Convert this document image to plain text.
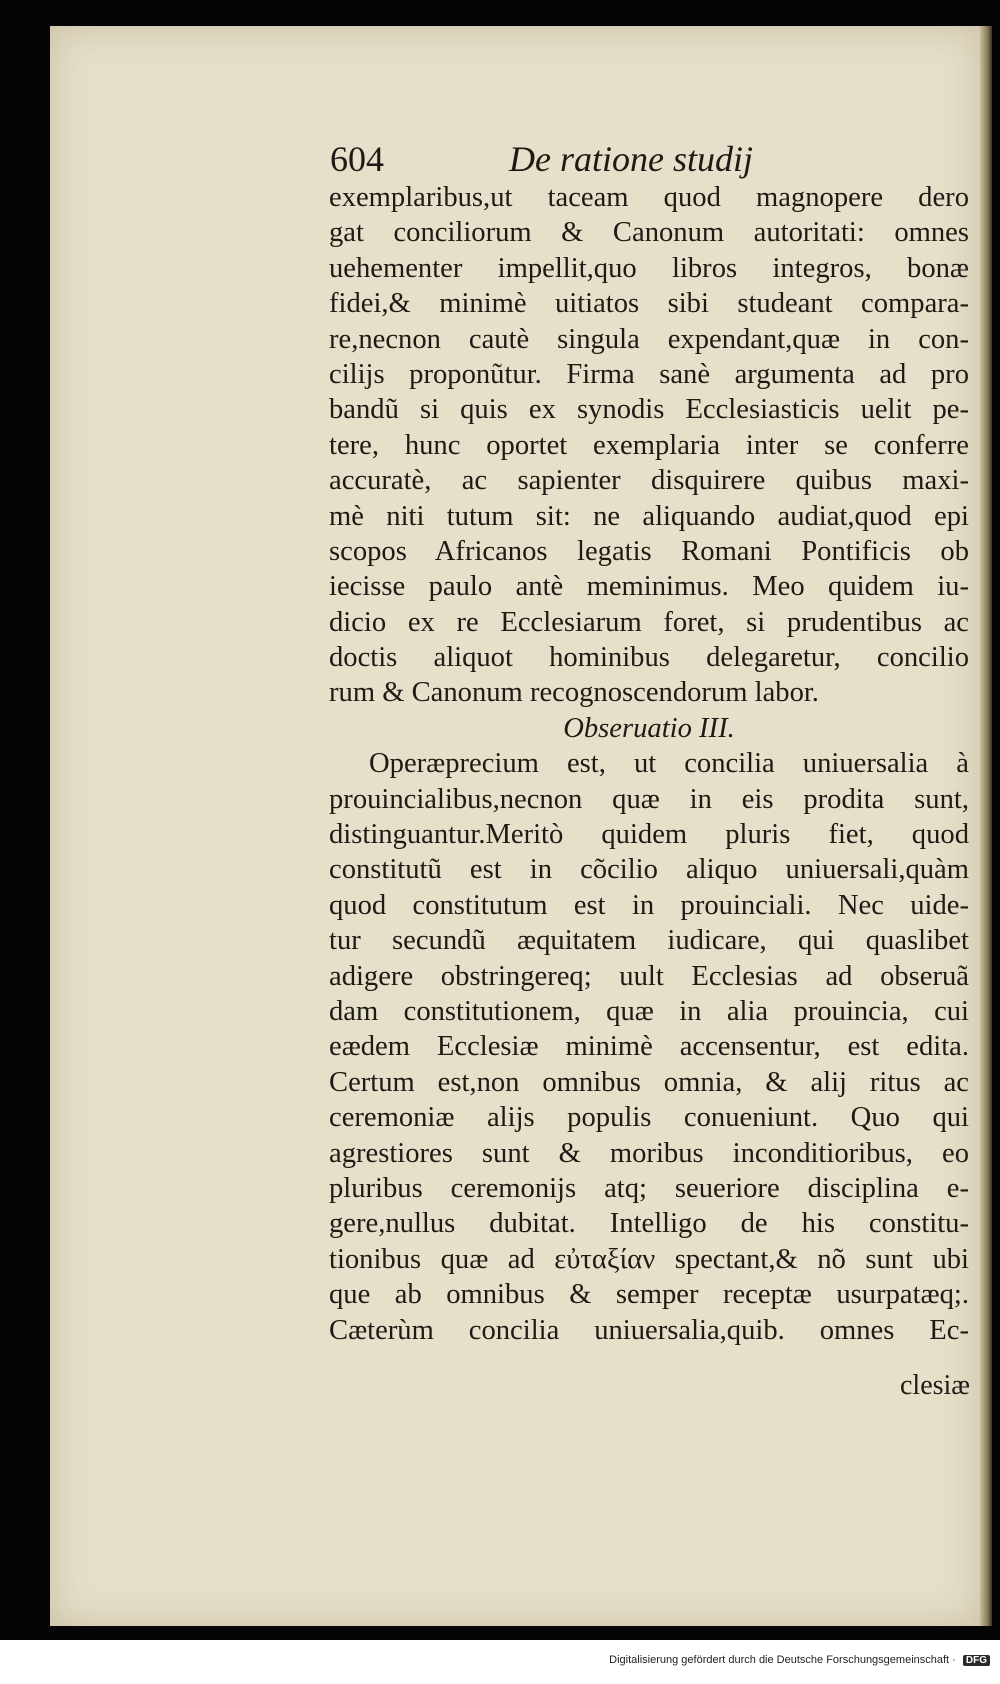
604	De ratione studij
exemplaribus,ut taceam quod magnopere dero
gat conciliorum & Canonum autoritati: omnes
uehementer impellit,quo libros integros, bonæ
fidei,& minimè uitiatos sibi studeant compara-
re,necnon cautè singula expendant,quæ in con-
cilijs proponũtur. Firma sanè argumenta ad pro
bandũ si quis ex synodis Ecclesiasticis uelit pe-
tere, hunc oportet exemplaria inter se conferre
accuratè, ac sapienter disquirere quibus maxi-
mè niti tutum sit: ne aliquando audiat,quod epi
scopos Africanos legatis Romani Pontificis ob
iecisse paulo antè meminimus. Meo quidem iu-
dicio ex re Ecclesiarum foret, si prudentibus ac
doctis aliquot hominibus delegaretur, concilio
rum & Canonum recognoscendorum labor.
Obseruatio III.
Operæprecium est, ut concilia uniuersalia à
prouincialibus,necnon quæ in eis prodita sunt,
distinguantur.Meritò quidem pluris fiet, quod
constitutũ est in cõcilio aliquo uniuersali,quàm
quod constitutum est in prouinciali. Nec uide-
tur secundũ æquitatem iudicare, qui quaslibet
adigere obstringereq; uult Ecclesias ad obseruã
dam constitutionem, quæ in alia prouincia, cui
eædem Ecclesiæ minimè accensentur, est edita.
Certum est,non omnibus omnia, & alij ritus ac
ceremoniæ alijs populis conueniunt. Quo qui
agrestiores sunt & moribus inconditioribus, eo
pluribus ceremonijs atq; seueriore disciplina e-
gere,nullus dubitat. Intelligo de his constitu-
tionibus quæ ad εὐταξίαν spectant,& nõ sunt ubi
que ab omnibus & semper receptæ usurpatæq;.
Cæterùm concilia uniuersalia,quib. omnes Ec-
clesiæ
Digitalisierung gefördert durch die Deutsche Forschungsgemeinschaft · DFG
